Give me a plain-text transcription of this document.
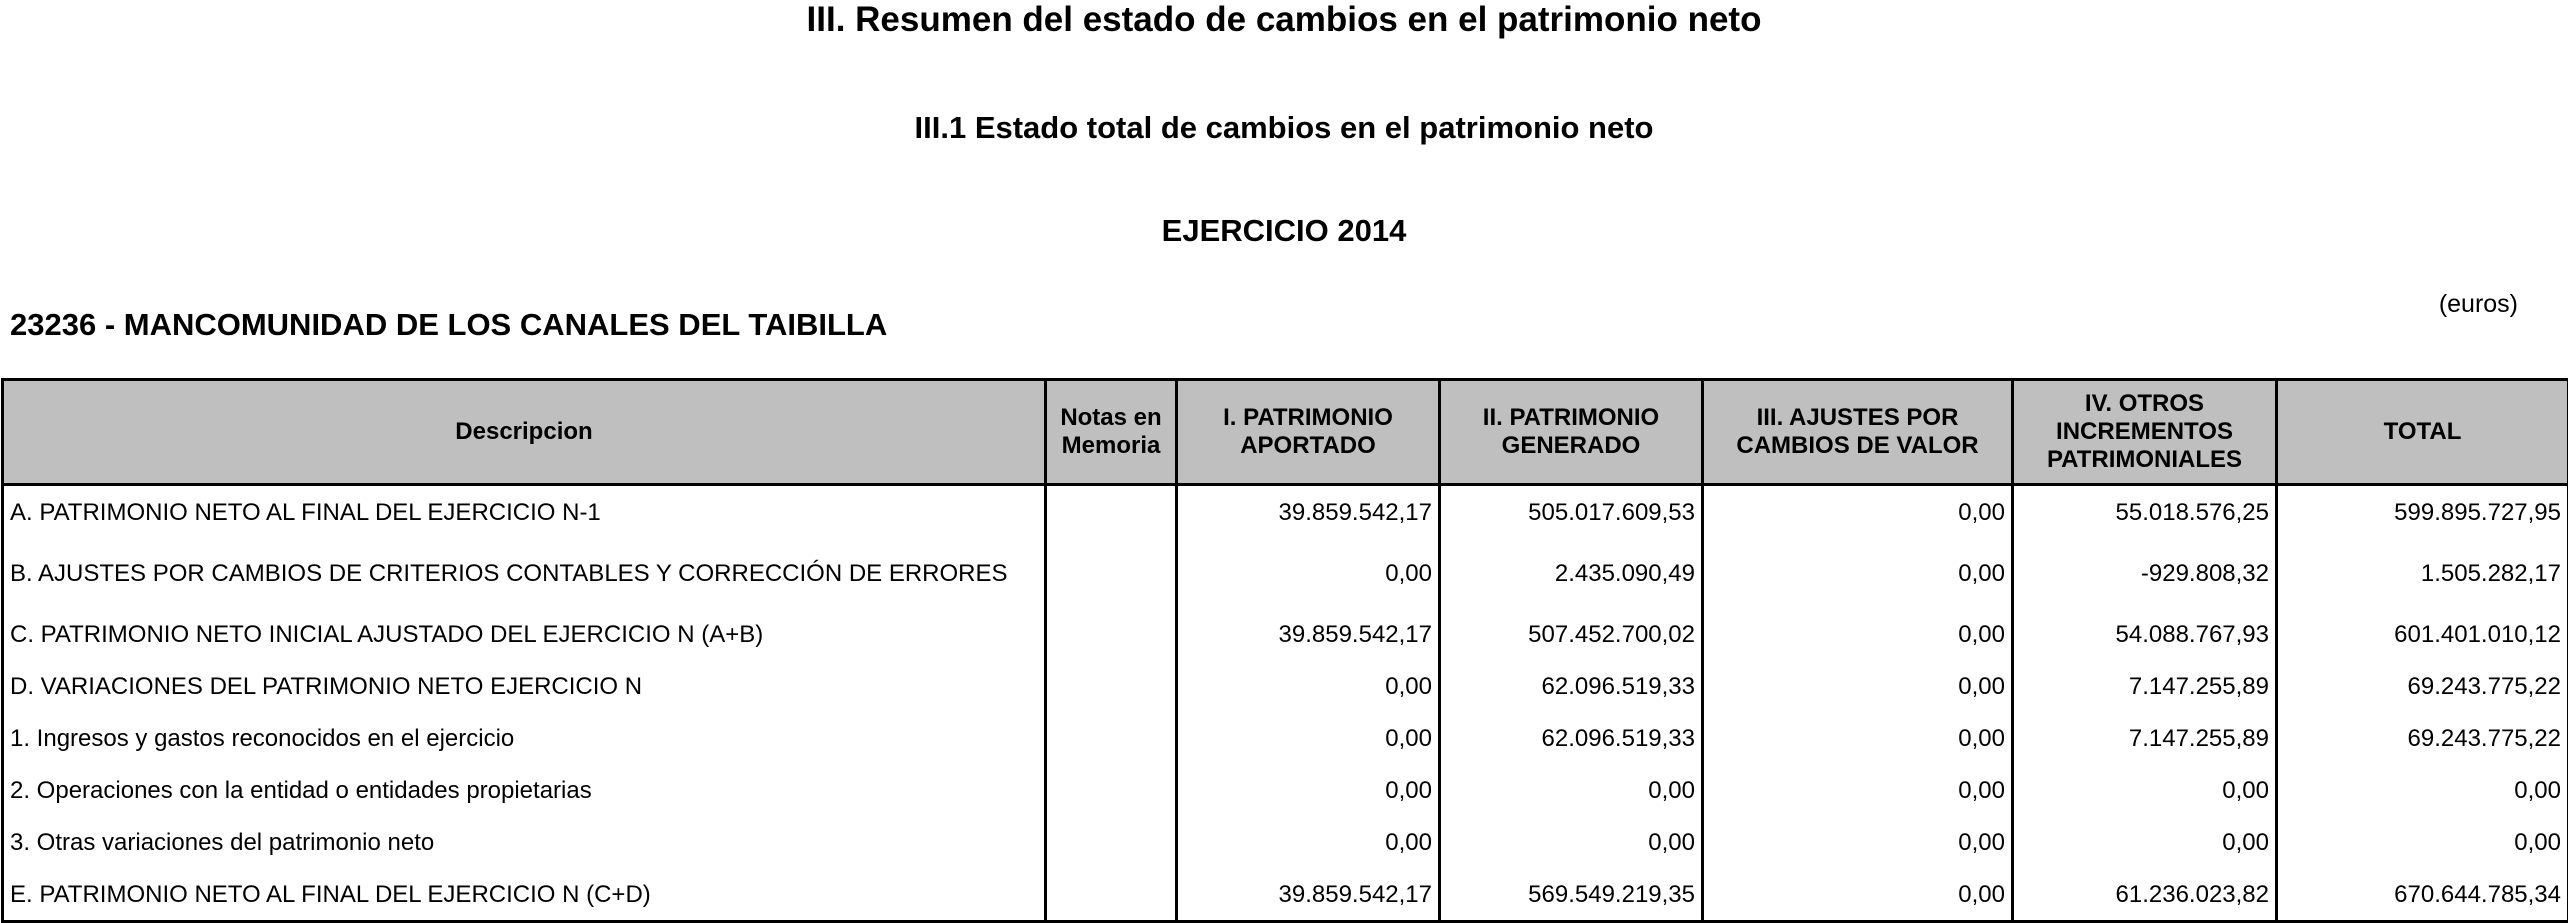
III. Resumen del estado de cambios en el patrimonio neto
III.1 Estado total de cambios en el patrimonio neto
EJERCICIO 2014
(euros)
23236 - MANCOMUNIDAD DE LOS CANALES DEL TAIBILLA
Descripcion	Notas en Memoria	I. PATRIMONIO APORTADO	II. PATRIMONIO GENERADO	III. AJUSTES POR CAMBIOS DE VALOR	IV. OTROS INCREMENTOS PATRIMONIALES	TOTAL
A. PATRIMONIO NETO AL FINAL DEL EJERCICIO N-1		39.859.542,17	505.017.609,53	0,00	55.018.576,25	599.895.727,95
B. AJUSTES POR CAMBIOS DE CRITERIOS CONTABLES Y CORRECCIÓN DE ERRORES		0,00	2.435.090,49	0,00	-929.808,32	1.505.282,17
C. PATRIMONIO NETO INICIAL AJUSTADO DEL EJERCICIO N (A+B)		39.859.542,17	507.452.700,02	0,00	54.088.767,93	601.401.010,12
D. VARIACIONES DEL PATRIMONIO NETO EJERCICIO N		0,00	62.096.519,33	0,00	7.147.255,89	69.243.775,22
1. Ingresos y gastos reconocidos en el ejercicio		0,00	62.096.519,33	0,00	7.147.255,89	69.243.775,22
2. Operaciones con la entidad o entidades propietarias		0,00	0,00	0,00	0,00	0,00
3. Otras variaciones del patrimonio neto		0,00	0,00	0,00	0,00	0,00
E. PATRIMONIO NETO AL FINAL DEL EJERCICIO N (C+D)		39.859.542,17	569.549.219,35	0,00	61.236.023,82	670.644.785,34
